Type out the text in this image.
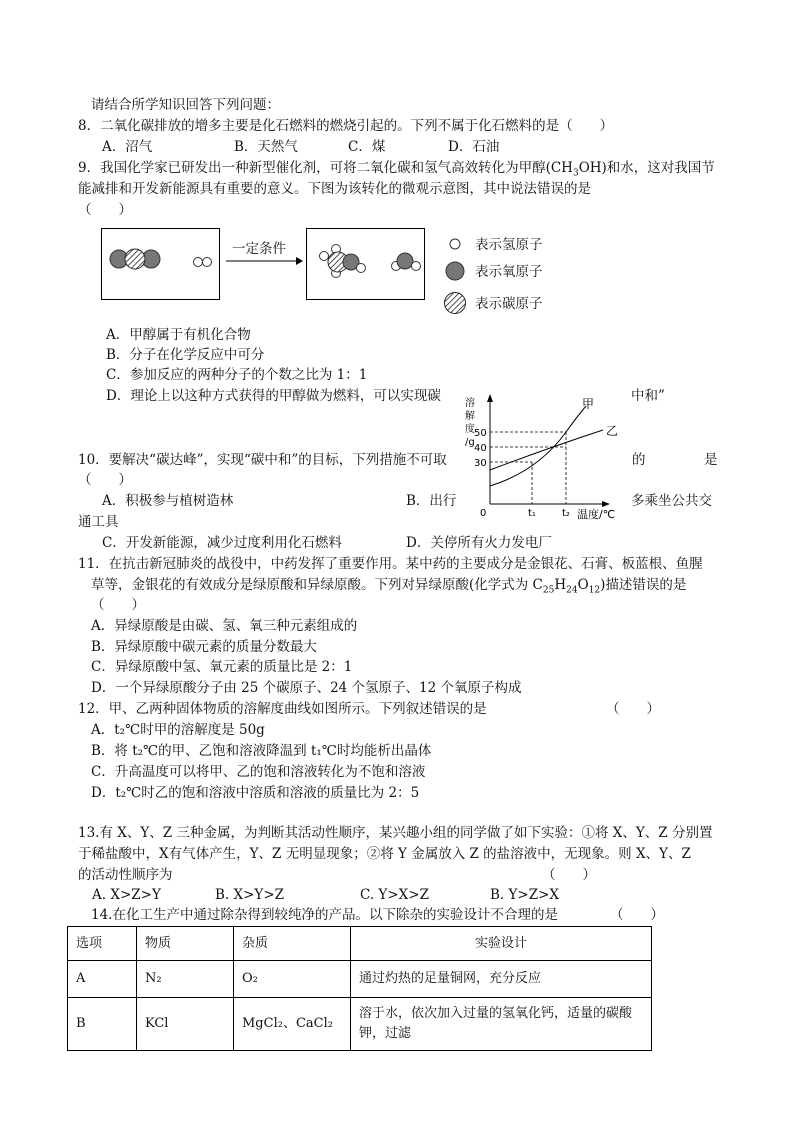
请结合所学知识回答下列问题：
8．二氧化碳排放的增多主要是化石燃料的燃烧引起的。下列不属于化石燃料的是（　　）
A．沼气	B．天然气	C．煤	D．石油
9．我国化学家已研发出一种新型催化剂，可将二氧化碳和氢气高效转化为甲醇$(CH_3OH)$和水，这对我国节
能减排和开发新能源具有重要的意义。下图为该转化的微观示意图，其中说法错误的是
（　　）
一定条件	表示氢原子
表示氧原子
表示碳原子
A．甲醇属于有机化合物
B．分子在化学反应中可分
C．参加反应的两种分子的个数之比为 1：1
D．理论上以这种方式获得的甲醇做为燃料，可以实现碳	中和”
溶
解
度
/g
50
40
30
0	t₁	t₂ 温度/℃
甲
乙
10．要解决“碳达峰”，实现“碳中和”的目标，下列措施不可取	的	是
（　　）
A．积极参与植树造林	B．出行	多乘坐公共交
通工具
C．开发新能源，减少过度利用化石燃料	D．关停所有火力发电厂
11．在抗击新冠肺炎的战役中，中药发挥了重要作用。某中药的主要成分是金银花、石膏、板蓝根、鱼腥
草等，金银花的有效成分是绿原酸和异绿原酸。下列对异绿原酸(化学式为 $C_{25}H_{24}O_{12}$)描述错误的是
（　　）
A．异绿原酸是由碳、氢、氧三种元素组成的
B．异绿原酸中碳元素的质量分数最大
C．异绿原酸中氢、氧元素的质量比是 2：1
D．一个异绿原酸分子由 25 个碳原子、24 个氢原子、12 个氧原子构成
12．甲、乙两种固体物质的溶解度曲线如图所示。下列叙述错误的是	（　　）
A．t₂℃时甲的溶解度是 50g
B．将 t₂℃的甲、乙饱和溶液降温到 t₁℃时均能析出晶体
C．升高温度可以将甲、乙的饱和溶液转化为不饱和溶液
D．t₂℃时乙的饱和溶液中溶质和溶液的质量比为 2：5
13.有 X、Y、Z 三种金属，为判断其活动性顺序，某兴趣小组的同学做了如下实验：①将 X、Y、Z 分别置
于稀盐酸中，X有气体产生，Y、Z 无明显现象；②将 Y 金属放入 Z 的盐溶液中，无现象。则 X、Y、Z
的活动性顺序为	（　　）
A. X>Z>Y	B. X>Y>Z	C. Y>X>Z	B. Y>Z>X
14.在化工生产中通过除杂得到较纯净的产品。以下除杂的实验设计不合理的是	（　　）
选项	物质	杂质	实验设计
A	N₂	O₂	通过灼热的足量铜网，充分反应
B	KCl	MgCl₂、CaCl₂	溶于水，依次加入过量的氢氧化钙，适量的碳酸
钾，过滤
